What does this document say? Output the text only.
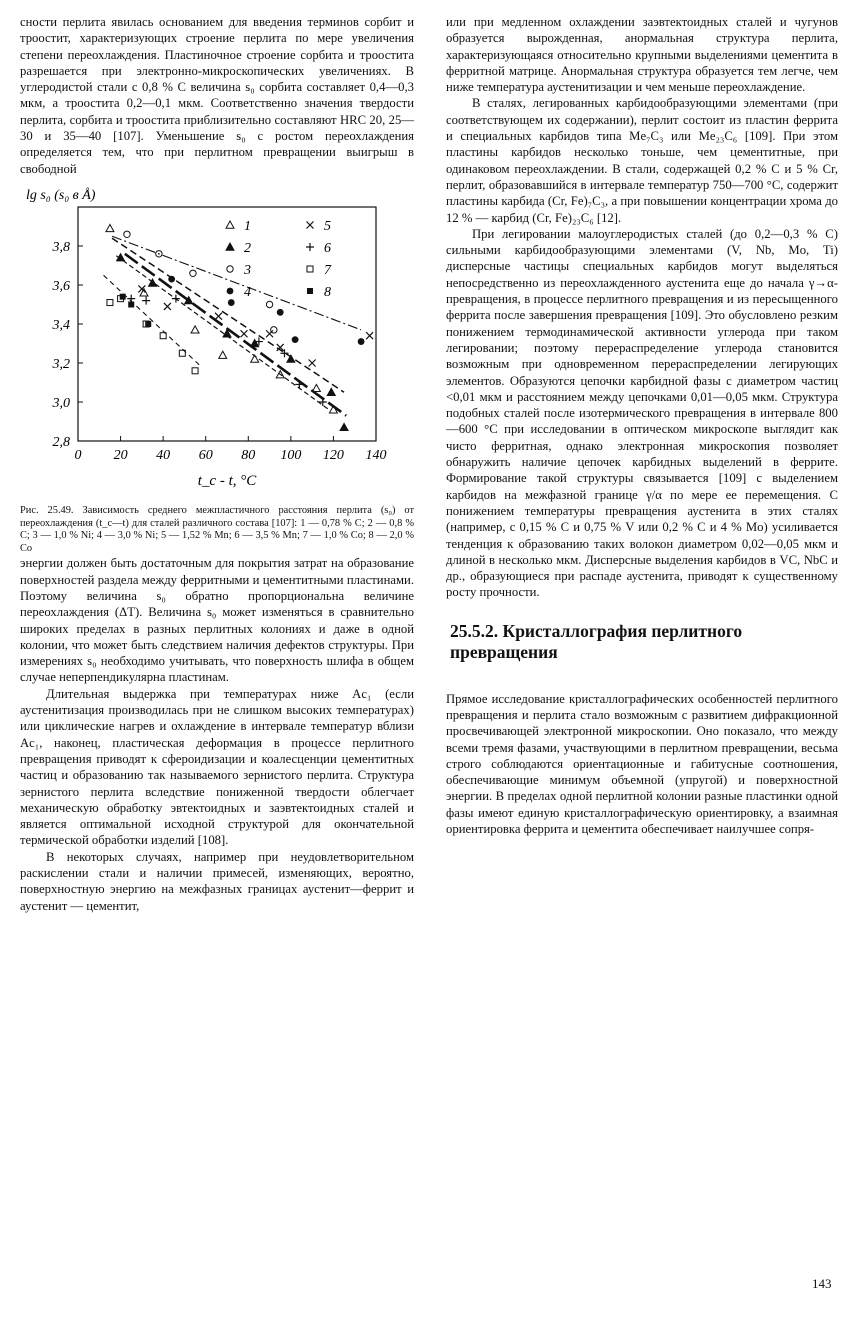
сности перлита явилась основанием для введения терминов сорбит и троостит, характеризующих строение перлита по мере увеличения степени переохлаждения. Пластиночное строение сорбита и троостита разрешается при электронно-микроскопических увеличениях. В углеродистой стали с 0,8 % С величина s₀ сорбита составляет 0,4—0,3 мкм, а троостита 0,2—0,1 мкм. Соответственно значения твердости перлита, сорбита и троостита приблизительно составляют HRC 20, 25—30 и 35—40 [107]. Уменьшение s₀ с ростом переохлаждения определяется тем, что при перлитном превращении выигрыш в свободной

0 20 40 60 80 100 120 140
2,8
3,0
3,2
3,4
3,6
3,8
lg s₀ (s₀ в Å)
t_c - t, °C
1
2
3
4
5
6
7
8

Рис. 25.49. Зависимость среднего межпластичного расстояния перлита (s₀) от переохлаждения (t_c—t) для сталей различного состава [107]: 1 — 0,78 % C; 2 — 0,8 % C; 3 — 1,0 % Ni; 4 — 3,0 % Ni; 5 — 1,52 % Mn; 6 — 3,5 % Mn; 7 — 1,0 % Co; 8 — 2,0 % Co

энергии должен быть достаточным для покрытия затрат на образование поверхностей раздела между ферритными и цементитными пластинами. Поэтому величина s₀ обратно пропорциональна величине переохлаждения (ΔT). Величина s₀ может изменяться в сравнительно широких пределах в разных перлитных колониях и даже в одной колонии, что может быть следствием наличия дефектов структуры. При измерениях s₀ необходимо учитывать, что поверхность шлифа в общем случае неперпендикулярна пластинам.

Длительная выдержка при температурах ниже Ac₁ (если аустенитизация производилась при не слишком высоких температурах) или циклические нагрев и охлаждение в интервале температур вблизи Ac₁, наконец, пластическая деформация в процессе перлитного превращения приводят к сфероидизации и коалесценции цементитных частиц и образованию так называемого зернистого перлита. Структура зернистого перлита вследствие пониженной твердости облегчает механическую обработку эвтектоидных и заэвтектоидных сталей и является оптимальной исходной структурой для окончательной термической обработки изделий [108].

В некоторых случаях, например при неудовлетворительном раскислении стали и наличии примесей, изменяющих, вероятно, поверхностную энергию на межфазных границах аустенит—феррит и аустенит — цементит,

или при медленном охлаждении заэвтектоидных сталей и чугунов образуется вырожденная, анормальная структура перлита, характеризующаяся относительно крупными выделениями цементита в ферритной матрице. Анормальная структура образуется тем легче, чем ниже температура аустенитизации и чем меньше переохлаждение.

В сталях, легированных карбидообразующими элементами (при соответствующем их содержании), перлит состоит из пластин феррита и специальных карбидов типа Me₇C₃ или Me₂₃C₆ [109]. При этом пластины карбидов несколько тоньше, чем цементитные, при одинаковом переохлаждении. В стали, содержащей 0,2 % C и 5 % Cr, перлит, образовавшийся в интервале температур 750—700 °C, содержит пластины карбида (Cr, Fe)₇C₃, а при повышении концентрации хрома до 12 % — карбид (Cr, Fe)₂₃C₆ [12].

При легировании малоуглеродистых сталей (до 0,2—0,3 % C) сильными карбидообразующими элементами (V, Nb, Mo, Ti) дисперсные частицы специальных карбидов могут выделяться непосредственно из переохлажденного аустенита еще до начала γ→α-превращения, в процессе перлитного превращения и из пересыщенного феррита после завершения превращения [109]. Это обусловлено резким понижением термодинамической активности углерода при таком легировании; поэтому перераспределение углерода становится возможным при одновременном перераспределении легирующих элементов. Образуются цепочки карбидной фазы с диаметром частиц <0,01 мкм и расстоянием между цепочками 0,01—0,05 мкм. Структура подобных сталей после изотермического превращения в интервале 800—600 °C при исследовании в оптическом микроскопе выглядит как чисто ферритная, однако электронная микроскопия позволяет обнаружить наличие цепочек карбидных выделений в феррите. Формирование такой структуры связывается [109] с выделением карбидов на межфазной границе γ/α по мере ее перемещения. С понижением температуры превращения аустенита в этих сталях (например, с 0,15 % C и 0,75 % V или 0,2 % C и 4 % Mo) усиливается тенденция к образованию таких волокон диаметром 0,02—0,05 мкм и длиной в несколько мкм. Дисперсные выделения карбидов в VC, NbC и др., образующиеся при распаде аустенита, приводят к существенному росту прочности.

25.5.2. Кристаллография перлитного превращения

Прямое исследование кристаллографических особенностей перлитного превращения и перлита стало возможным с развитием дифракционной просвечивающей электронной микроскопии. Оно показало, что между всеми тремя фазами, участвующими в перлитном превращении, весьма строго соблюдаются ориентационные и габитусные соотношения, обеспечивающие минимум объемной (упругой) и поверхностной энергии. В пределах одной перлитной колонии разные пластинки одной фазы имеют единую кристаллографическую ориентировку, а взаимная ориентировка феррита и цементита обеспечивает наилучшее сопря-

143
